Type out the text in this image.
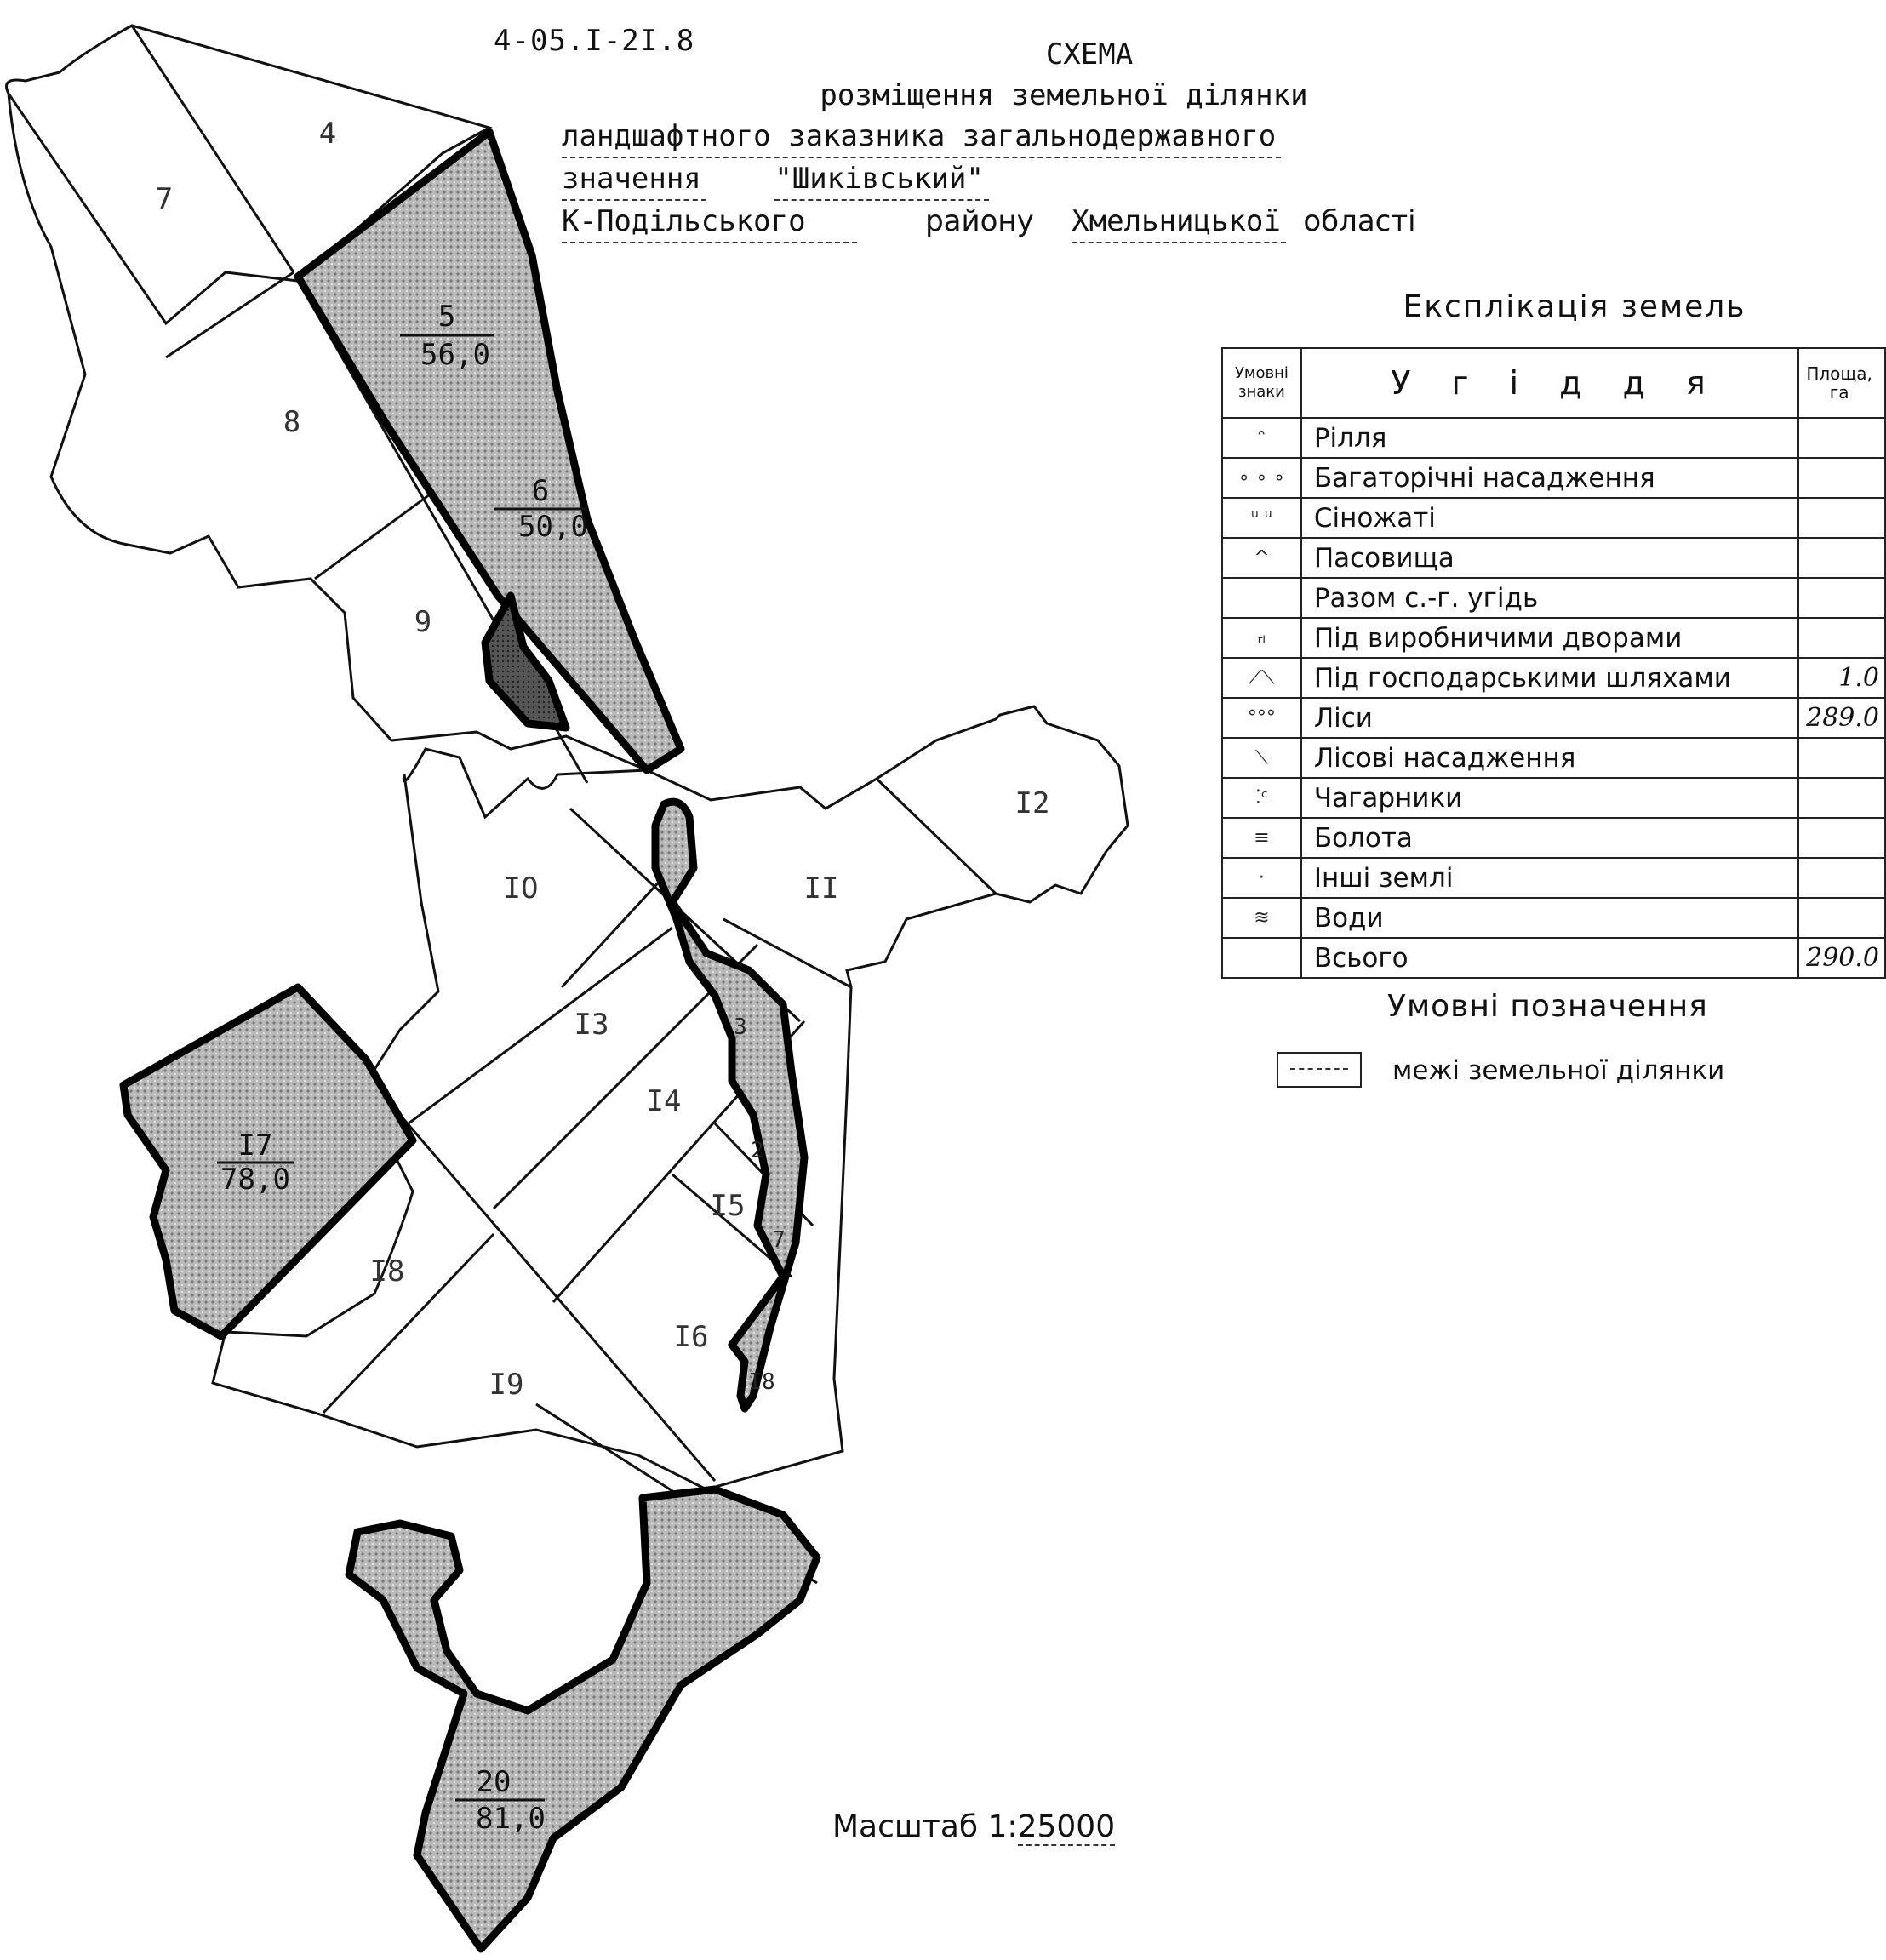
4
7
8
9
IO	II
I2
I3
I4
I5
I6
I8
I9
5
56,0
6
50,0
I7
78,0
20
81,0
3
2
7
I8
4-05.I-2I.8	СХЕМА
розміщення земельної ділянки
ландшафтного заказника загальнодержавного
значення	"Шиківський"
К-Подільського	району Хмельницької області
Експлікація земель
Умовні знаки	У г і д д я	Площа, га
ᵔ	Рілля	
∘ ∘ ∘	Багаторічні насадження	
ᵘ ᵘ	Сіножаті	
^	Пасовища	
	Разом с.-г. угідь	
ᵣᵢ	Під виробничими дворами	
⟋⟍	Під господарськими шляхами	1.0
°°°	Ліси	289.0
⟍	Лісові насадження	
⁚ᶜ	Чагарники	
≡	Болота	
·	Інші землі	
≋	Води	
	Всього	290.0
Умовні позначення
межі земельної ділянки
Масштаб 1:25000
